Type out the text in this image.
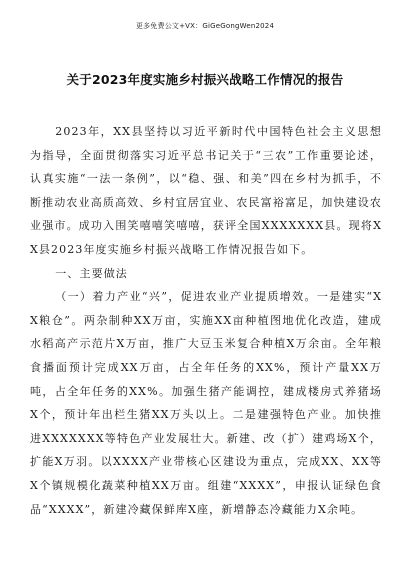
更多免费公文+VX：GiGeGongWen2024
关于2023年度实施乡村振兴战略工作情况的报告

2023年，XX县坚持以习近平新时代中国特色社会主义思想为指导，全面贯彻落实习近平总书记关于“三农”工作重要论述，认真实施“一法一条例”，以“稳、强、和美”四在乡村为抓手，不断推动农业高质高效、乡村宜居宜业、农民富裕富足，加快建设农业强市。成功入围笑嘻嘻笑嘻嘻，获评全国XXXXXXX县。现将XX县2023年度实施乡村振兴战略工作情况报告如下。

一、主要做法

（一）着力产业“兴”，促进农业产业提质增效。一是建实“XX粮仓”。两杂制种XX万亩，实施XX亩种植图地优化改造，建成水稻高产示范片X万亩，推广大豆玉米复合种植X万余亩。全年粮食播面预计完成XX万亩，占全年任务的XX%，预计产量XX万吨，占全年任务的XX%。加强生猪产能调控，建成楼房式养猪场X个，预计年出栏生猪XX万头以上。二是建强特色产业。加快推进XXXXXXX等特色产业发展壮大。新建、改（扩）建鸡场X个，扩能X万羽。以XXXX产业带核心区建设为重点，完成XX、XX等X个镇规模化蔬菜种植XX万亩。组建“XXXX”，申报认证绿色食品“XXXX”，新建冷藏保鲜库X座，新增静态冷藏能力X余吨。
